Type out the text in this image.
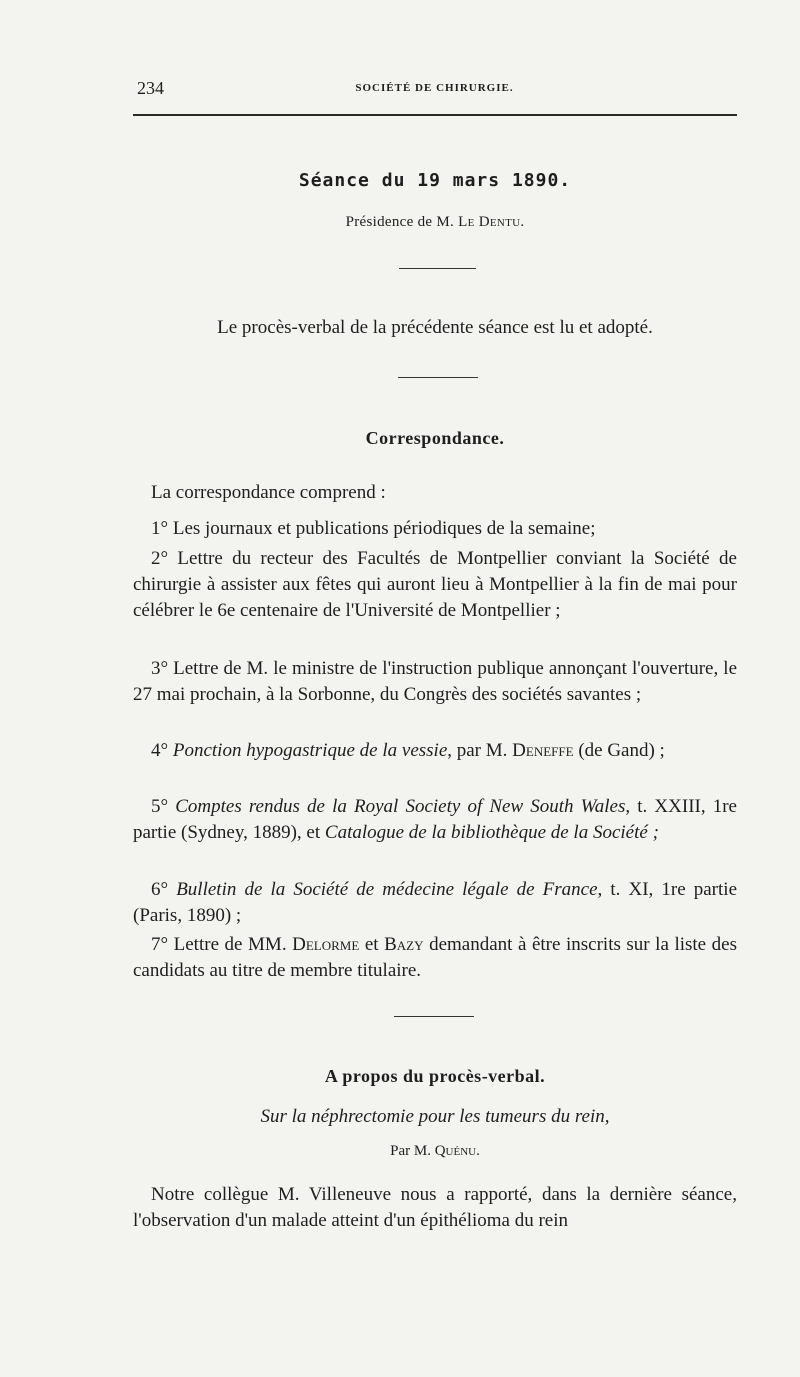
234	SOCIÉTÉ DE CHIRURGIE.
Séance du 19 mars 1890.
Présidence de M. Le Dentu.
Le procès-verbal de la précédente séance est lu et adopté.
Correspondance.
La correspondance comprend :
1° Les journaux et publications périodiques de la semaine;
2° Lettre du recteur des Facultés de Montpellier conviant la Société de chirurgie à assister aux fêtes qui auront lieu à Montpellier à la fin de mai pour célébrer le 6e centenaire de l'Université de Montpellier ;
3° Lettre de M. le ministre de l'instruction publique annonçant l'ouverture, le 27 mai prochain, à la Sorbonne, du Congrès des sociétés savantes ;
4° Ponction hypogastrique de la vessie, par M. Deneffe (de Gand) ;
5° Comptes rendus de la Royal Society of New South Wales, t. XXIII, 1re partie (Sydney, 1889), et Catalogue de la bibliothèque de la Société ;
6° Bulletin de la Société de médecine légale de France, t. XI, 1re partie (Paris, 1890) ;
7° Lettre de MM. Delorme et Bazy demandant à être inscrits sur la liste des candidats au titre de membre titulaire.
A propos du procès-verbal.
Sur la néphrectomie pour les tumeurs du rein,
Par M. Quénu.
Notre collègue M. Villeneuve nous a rapporté, dans la dernière séance, l'observation d'un malade atteint d'un épithélioma du rein
